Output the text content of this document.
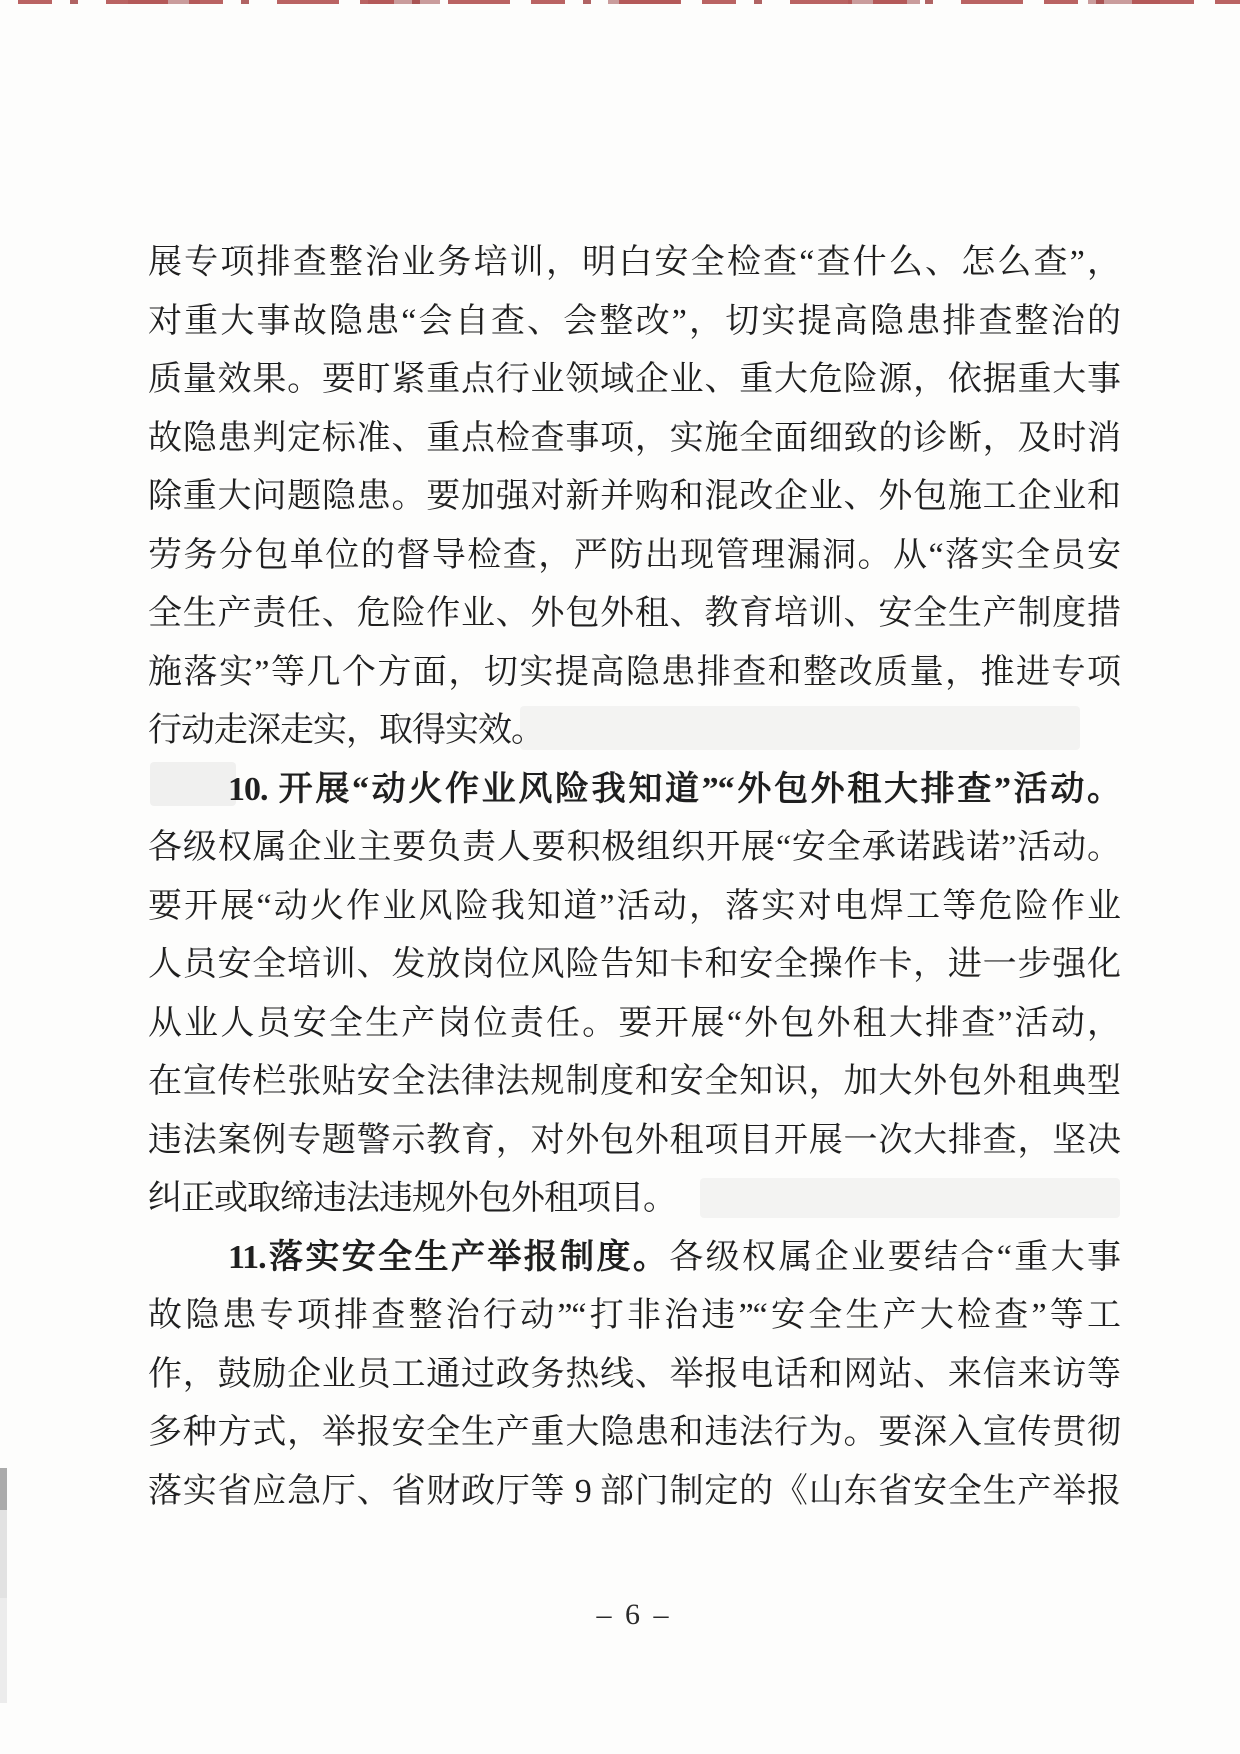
展专项排查整治业务培训，明白安全检查“查什么、怎么查”，
对重大事故隐患“会自查、会整改”，切实提高隐患排查整治的
质量效果。要盯紧重点行业领域企业、重大危险源，依据重大事
故隐患判定标准、重点检查事项，实施全面细致的诊断，及时消
除重大问题隐患。要加强对新并购和混改企业、外包施工企业和
劳务分包单位的督导检查，严防出现管理漏洞。从“落实全员安
全生产责任、危险作业、外包外租、教育培训、安全生产制度措
施落实”等几个方面，切实提高隐患排查和整改质量，推进专项
行动走深走实，取得实效。
10. 开展“动火作业风险我知道”“外包外租大排查”活动。
各级权属企业主要负责人要积极组织开展“安全承诺践诺”活动。
要开展“动火作业风险我知道”活动，落实对电焊工等危险作业
人员安全培训、发放岗位风险告知卡和安全操作卡，进一步强化
从业人员安全生产岗位责任。要开展“外包外租大排查”活动，
在宣传栏张贴安全法律法规制度和安全知识，加大外包外租典型
违法案例专题警示教育，对外包外租项目开展一次大排查，坚决
纠正或取缔违法违规外包外租项目。
11.落实安全生产举报制度。各级权属企业要结合“重大事
故隐患专项排查整治行动”“打非治违”“安全生产大检查”等工
作，鼓励企业员工通过政务热线、举报电话和网站、来信来访等
多种方式，举报安全生产重大隐患和违法行为。要深入宣传贯彻
落实省应急厅、省财政厅等 9 部门制定的《山东省安全生产举报
– 6 –
